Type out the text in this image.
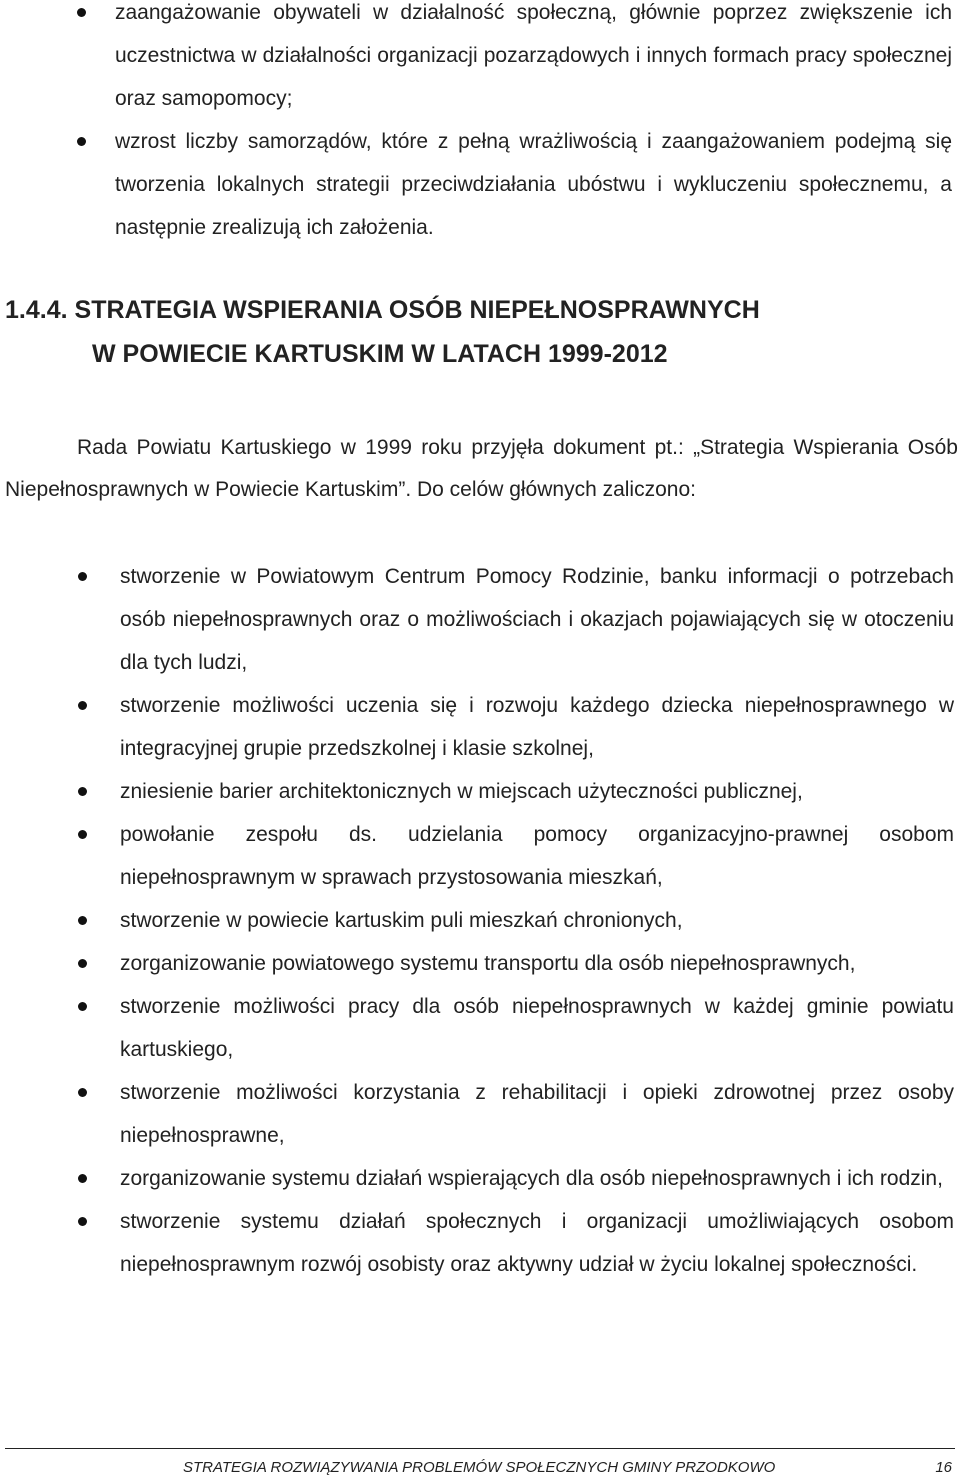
zaangażowanie obywateli w działalność społeczną, głównie poprzez zwiększenie ich uczestnictwa w działalności organizacji pozarządowych i innych formach pracy społecznej oraz samopomocy;
wzrost liczby samorządów, które z pełną wrażliwością i zaangażowaniem podejmą się tworzenia lokalnych strategii przeciwdziałania ubóstwu i wykluczeniu społecznemu, a następnie zrealizują ich założenia.
1.4.4. STRATEGIA WSPIERANIA OSÓB NIEPEŁNOSPRAWNYCH
W POWIECIE KARTUSKIM W LATACH 1999-2012

Rada Powiatu Kartuskiego w 1999 roku przyjęła dokument pt.: „Strategia Wspierania Osób Niepełnosprawnych w Powiecie Kartuskim”. Do celów głównych zaliczono:

stworzenie w Powiatowym Centrum Pomocy Rodzinie, banku informacji o potrzebach osób niepełnosprawnych oraz o możliwościach i okazjach pojawiających się w otoczeniu dla tych ludzi,
stworzenie możliwości uczenia się i rozwoju każdego dziecka niepełnosprawnego w integracyjnej grupie przedszkolnej i klasie szkolnej,
zniesienie barier architektonicznych w miejscach użyteczności publicznej,
powołanie zespołu ds. udzielania pomocy organizacyjno-prawnej osobom niepełnosprawnym w sprawach przystosowania mieszkań,
stworzenie w powiecie kartuskim puli mieszkań chronionych,
zorganizowanie powiatowego systemu transportu dla osób niepełnosprawnych,
stworzenie możliwości pracy dla osób niepełnosprawnych w każdej gminie powiatu kartuskiego,
stworzenie możliwości korzystania z rehabilitacji i opieki zdrowotnej przez osoby niepełnosprawne,
zorganizowanie systemu działań wspierających dla osób niepełnosprawnych i ich rodzin,
stworzenie systemu działań społecznych i organizacji umożliwiających osobom niepełnosprawnym rozwój osobisty oraz aktywny udział w życiu lokalnej społeczności.
STRATEGIA ROZWIĄZYWANIA PROBLEMÓW SPOŁECZNYCH GMINY PRZODKOWO	16
